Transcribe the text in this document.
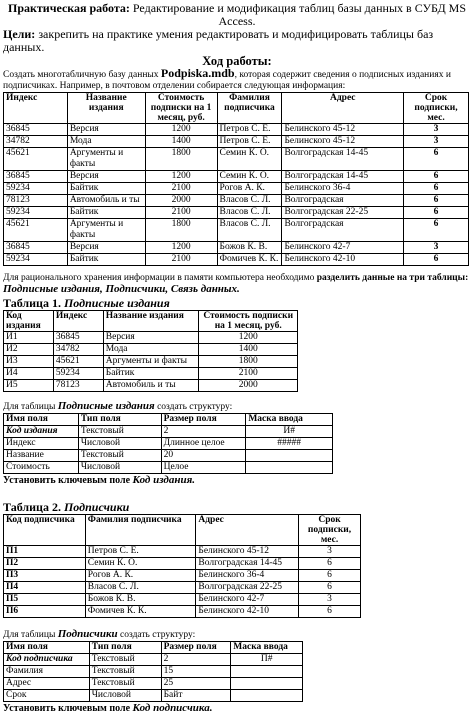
Практическая работа: Редактирование и модификация таблиц базы данных в СУБД MS
Access.
Цели: закрепить на практике умения редактировать и модифицировать таблицы баз данных.
Ход работы:
Создать многотабличную базу данных Podpiska.mdb, которая содержит сведения о подписных изданиях и подписчиках. Например, в почтовом отделении собирается следующая информация:
Индекс	Название издания	Стоимость подписки на 1 месяц, руб.	Фамилия подписчика	Адрес	Срок подписки, мес.
36845	Версия	1200	Петров С. Е.	Белинского 45-12	3
34782	Мода	1400	Петров С. Е.	Белинского 45-12	3
45621	Аргументы и факты	1800	Семин К. О.	Волгоградская 14-45	6
36845	Версия	1200	Семин К. О.	Волгоградская 14-45	6
59234	Байтик	2100	Рогов А. К.	Белинского 36-4	6
78123	Автомобиль и ты	2000	Власов С. Л.	Волгоградская	6
59234	Байтик	2100	Власов С. Л.	Волгоградская 22-25	6
45621	Аргументы и факты	1800	Власов С. Л.	Волгоградская	6
36845	Версия	1200	Божов К. В.	Белинского 42-7	3
59234	Байтик	2100	Фомичев К. К.	Белинского 42-10	6
Для рационального хранения информации в памяти компьютера необходимо разделить данные на три таблицы: Подписные издания, Подписчики, Связь данных.
Таблица 1. Подписные издания
Код издания	Индекс	Название издания	Стоимость подписки на 1 месяц, руб.
И1	36845	Версия	1200
И2	34782	Мода	1400
И3	45621	Аргументы и факты	1800
И4	59234	Байтик	2100
И5	78123	Автомобиль и ты	2000
Для таблицы Подписные издания создать структуру:
Имя поля	Тип поля	Размер поля	Маска ввода
Код издания	Текстовый	2	И#
Индекс	Числовой	Длинное целое	#####
Название	Текстовый	20	
Стоимость	Числовой	Целое	
Установить ключевым поле Код издания.
Таблица 2. Подписчики
Код подписчика	Фамилия подписчика	Адрес	Срок подписки, мес.
П1	Петров С. Е.	Белинского 45-12	3
П2	Семин К. О.	Волгоградская 14-45	6
П3	Рогов А. К.	Белинского 36-4	6
П4	Власов С. Л.	Волгоградская 22-25	6
П5	Божов К. В.	Белинского 42-7	3
П6	Фомичев К. К.	Белинского 42-10	6
Для таблицы Подписчики создать структуру:
Имя поля	Тип поля	Размер поля	Маска ввода
Код подписчика	Текстовый	2	П#
Фамилия	Текстовый	15	
Адрес	Текстовый	25	
Срок	Числовой	Байт	
Установить ключевым поле Код подписчика.
